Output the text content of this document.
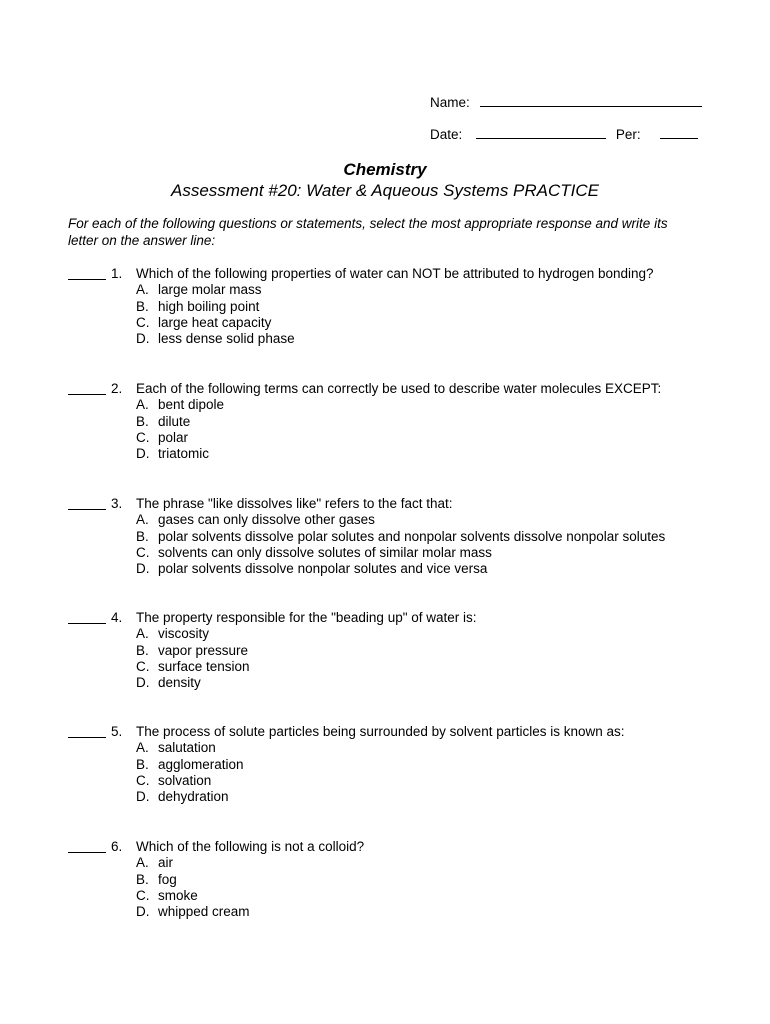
Name:
Date:	Per:
Chemistry
Assessment #20: Water & Aqueous Systems PRACTICE
For each of the following questions or statements, select the most appropriate response and write its letter on the answer line:
1. Which of the following properties of water can NOT be attributed to hydrogen bonding?
A. large molar mass
B. high boiling point
C. large heat capacity
D. less dense solid phase
2. Each of the following terms can correctly be used to describe water molecules EXCEPT:
A. bent dipole
B. dilute
C. polar
D. triatomic
3. The phrase "like dissolves like" refers to the fact that:
A. gases can only dissolve other gases
B. polar solvents dissolve polar solutes and nonpolar solvents dissolve nonpolar solutes
C. solvents can only dissolve solutes of similar molar mass
D. polar solvents dissolve nonpolar solutes and vice versa
4. The property responsible for the "beading up" of water is:
A. viscosity
B. vapor pressure
C. surface tension
D. density
5. The process of solute particles being surrounded by solvent particles is known as:
A. salutation
B. agglomeration
C. solvation
D. dehydration
6. Which of the following is not a colloid?
A. air
B. fog
C. smoke
D. whipped cream
